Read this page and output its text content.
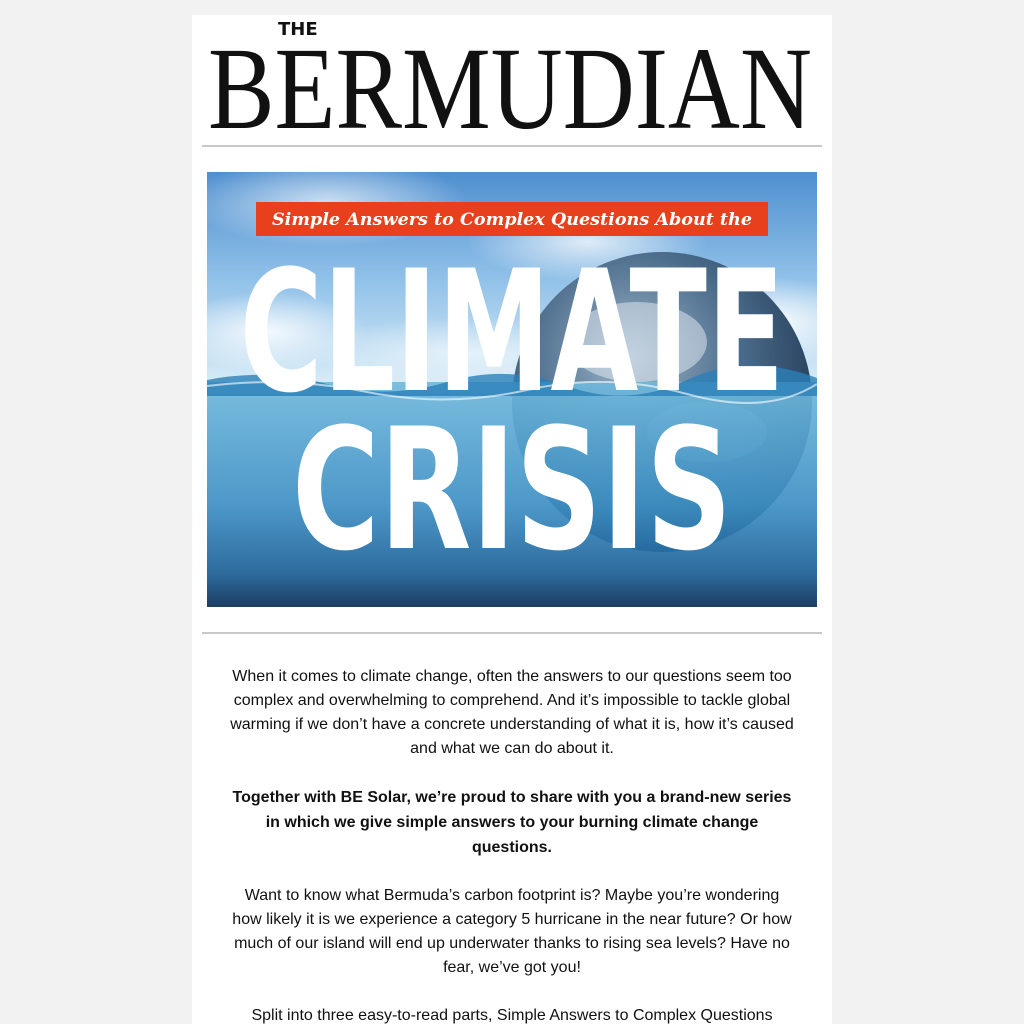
BERMUDIAN
THE
Simple Answers to Complex Questions About the
CLIMATE
CRISIS

When it comes to climate change, often the answers to our questions seem too complex and overwhelming to comprehend. And it’s impossible to tackle global warming if we don’t have a concrete understanding of what it is, how it’s caused and what we can do about it.

Together with BE Solar, we’re proud to share with you a brand-new series in which we give simple answers to your burning climate change questions.

Want to know what Bermuda’s carbon footprint is? Maybe you’re wondering how likely it is we experience a category 5 hurricane in the near future? Or how much of our island will end up underwater thanks to rising sea levels? Have no fear, we’ve got you!

Split into three easy-to-read parts, Simple Answers to Complex Questions
